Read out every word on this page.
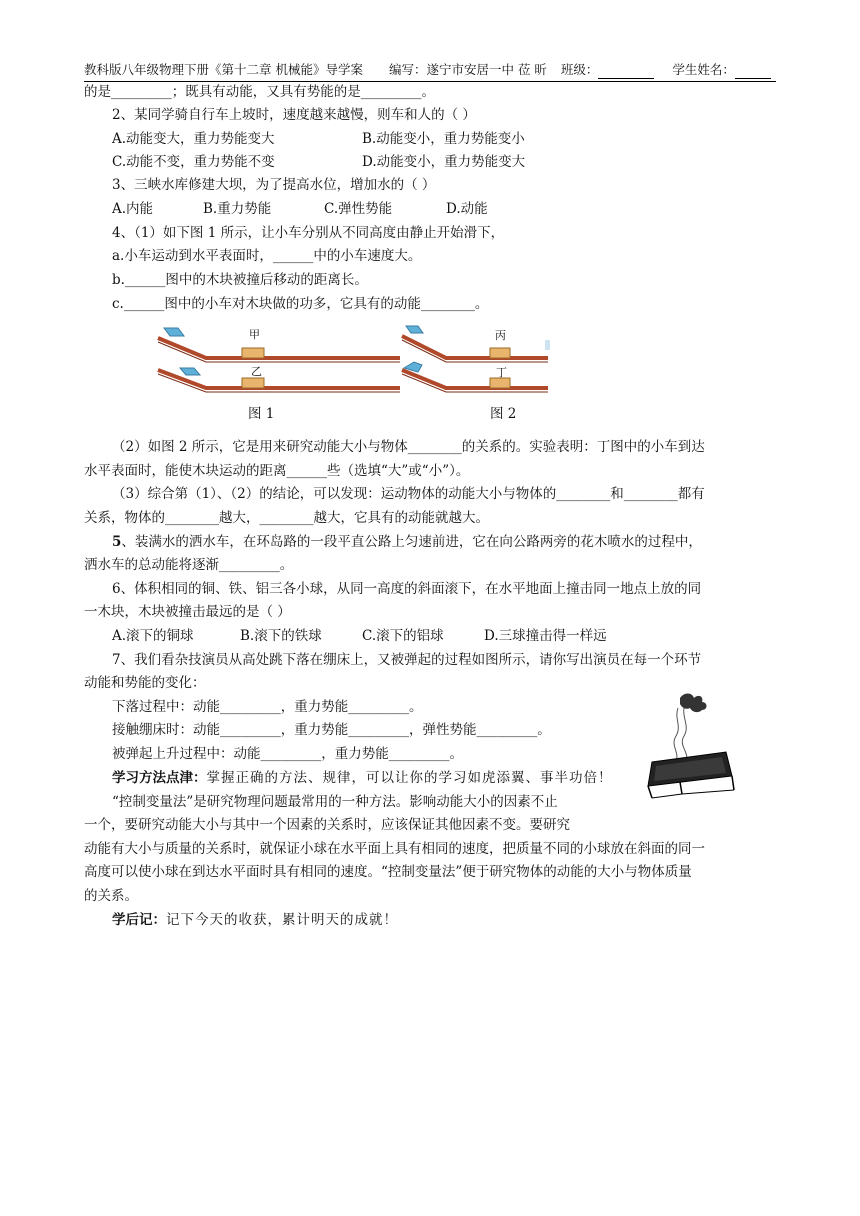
教科版八年级物理下册《第十二章 机械能》导学案 编写：遂宁市安居一中 莅 昕 班级：	学生姓名：
的是_________；既具有动能，又具有势能的是_________。
2、某同学骑自行车上坡时，速度越来越慢，则车和人的（ ）
A.动能变大，重力势能变大	B.动能变小，重力势能变小
C.动能不变，重力势能不变	D.动能变小，重力势能变大
3、三峡水库修建大坝，为了提高水位，增加水的（ ）
A.内能	B.重力势能	C.弹性势能	D.动能
4、（1）如下图 1 所示，让小车分别从不同高度由静止开始滑下，
a.小车运动到水平表面时，______中的小车速度大。
b.______图中的木块被撞后移动的距离长。
c.______图中的小车对木块做的功多，它具有的动能________。
甲
乙
丙
丁
图 1	图 2
（2）如图 2 所示，它是用来研究动能大小与物体________的关系的。实验表明：丁图中的小车到达
水平表面时，能使木块运动的距离______些（选填“大”或“小”）。
（3）综合第（1）、（2）的结论，可以发现：运动物体的动能大小与物体的________和________都有
关系，物体的________越大，________越大，它具有的动能就越大。
5、装满水的洒水车，在环岛路的一段平直公路上匀速前进，它在向公路两旁的花木喷水的过程中，
洒水车的总动能将逐渐_________。
6、体积相同的铜、铁、铝三各小球，从同一高度的斜面滚下，在水平地面上撞击同一地点上放的同
一木块，木块被撞击最远的是（ ）
A.滚下的铜球	B.滚下的铁球	C.滚下的铝球	D.三球撞击得一样远
7、我们看杂技演员从高处跳下落在绷床上，又被弹起的过程如图所示，请你写出演员在每一个环节
动能和势能的变化：
下落过程中：动能_________，重力势能_________。
接触绷床时：动能_________，重力势能_________，弹性势能_________。
被弹起上升过程中：动能_________，重力势能_________。
学习方法点津：掌握正确的方法、规律，可以让你的学习如虎添翼、事半功倍！
“控制变量法”是研究物理问题最常用的一种方法。影响动能大小的因素不止
一个，要研究动能大小与其中一个因素的关系时，应该保证其他因素不变。要研究
动能有大小与质量的关系时，就保证小球在水平面上具有相同的速度，把质量不同的小球放在斜面的同一
高度可以使小球在到达水平面时具有相同的速度。“控制变量法”便于研究物体的动能的大小与物体质量
的关系。
学后记：记下今天的收获，累计明天的成就！
